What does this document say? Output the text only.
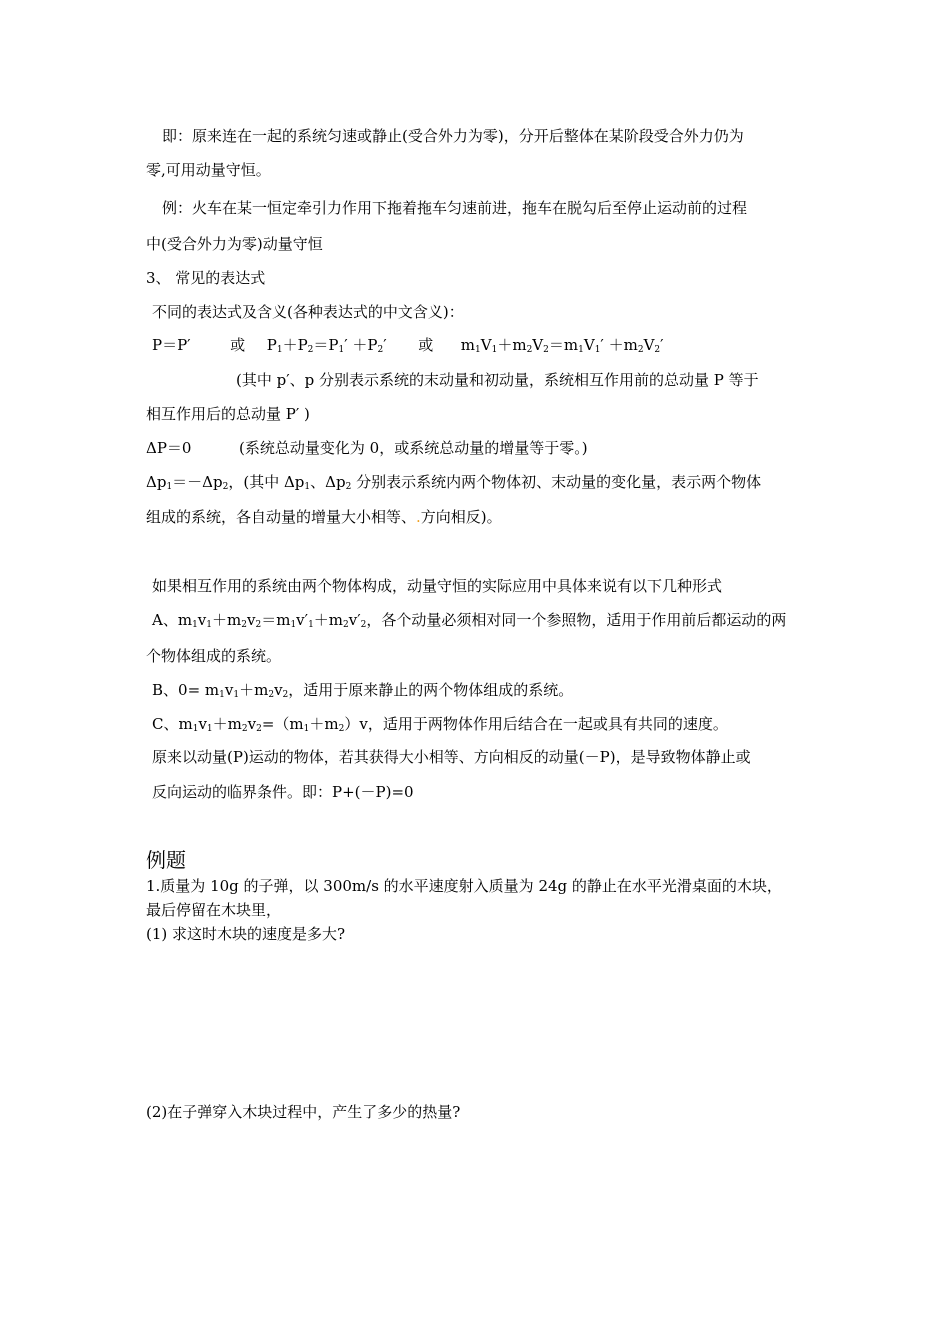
即：原来连在一起的系统匀速或静止(受合外力为零)，分开后整体在某阶段受合外力仍为
零,可用动量守恒。
例：火车在某一恒定牵引力作用下拖着拖车匀速前进，拖车在脱勾后至停止运动前的过程
中(受合外力为零)动量守恒
3、 常见的表达式
不同的表达式及含义(各种表达式的中文含义)：
P＝P′	或 $P_1+P_2=P_1' +P_2'$ 或 $m_1V_1+m_2V_2=m_1V_1' +m_2V_2'$
(其中 p′、p 分别表示系统的末动量和初动量，系统相互作用前的总动量 P 等于
相互作用后的总动量 P′ )
ΔP＝0	(系统总动量变化为 0，或系统总动量的增量等于零。)
$\Delta p_1=-\Delta p_2$，(其中 $\Delta p_1$、$\Delta p_2$ 分别表示系统内两个物体初、末动量的变化量，表示两个物体
组成的系统，各自动量的增量大小相等、.方向相反)。
如果相互作用的系统由两个物体构成，动量守恒的实际应用中具体来说有以下几种形式
A、$m_1v_1+m_2v_2=m_1v'_1+m_2v'_2$，各个动量必须相对同一个参照物，适用于作用前后都运动的两
个物体组成的系统。
B、$0= m_1v_1+m_2v_2$，适用于原来静止的两个物体组成的系统。
C、$m_1v_1+m_2v_2=(m_1+m_2)v$，适用于两物体作用后结合在一起或具有共同的速度。
原来以动量(P)运动的物体，若其获得大小相等、方向相反的动量(－P)，是导致物体静止或
反向运动的临界条件。即：P+(－P)=0
例题
1.质量为 10g 的子弹，以 300m/s 的水平速度射入质量为 24g 的静止在水平光滑桌面的木块，
最后停留在木块里，
(1) 求这时木块的速度是多大?
(2)在子弹穿入木块过程中，产生了多少的热量?
